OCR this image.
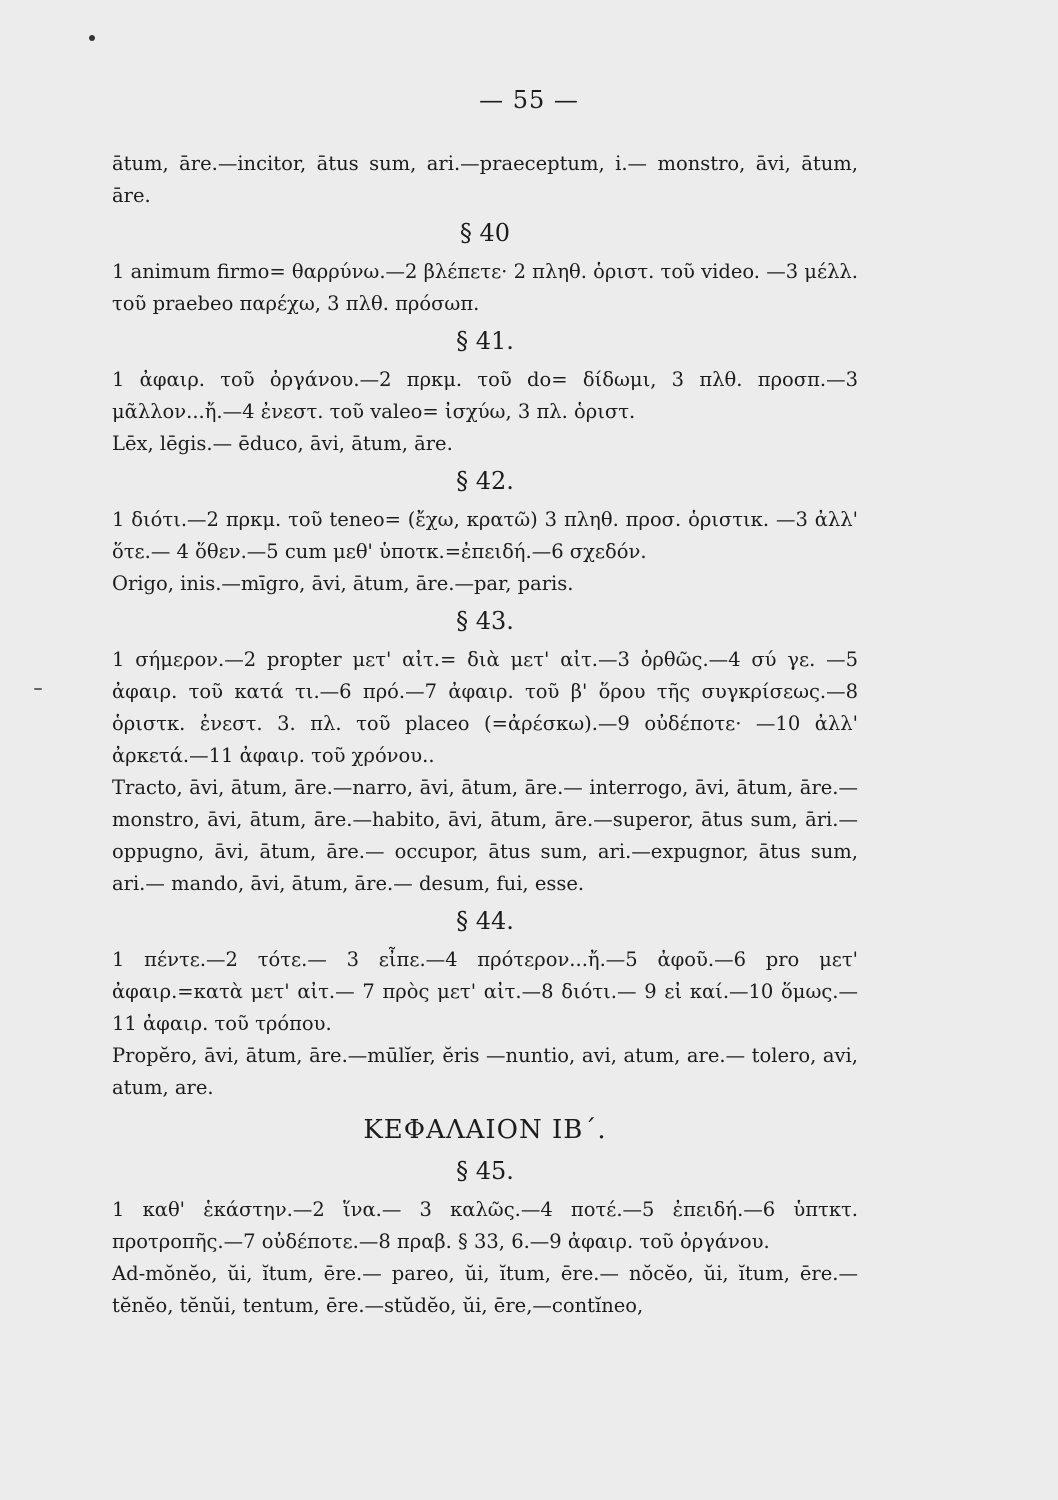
— 55 —

ātum, āre.—incitor, ātus sum, ari.—praeceptum, i.— monstro, āvi, ātum, āre.

§ 40

1 animum firmo= θαρρύνω.—2 βλέπετε· 2 πληθ. ὁριστ. τοῦ video. —3 μέλλ. τοῦ praebeo παρέχω, 3 πλθ. πρόσωπ.

§ 41.

1 ἀφαιρ. τοῦ ὀργάνου.—2 πρκμ. τοῦ do= δίδωμι, 3 πλθ. προσπ.—3 μᾶλλον...ἤ.—4 ἐνεστ. τοῦ valeo= ἰσχύω, 3 πλ. ὁριστ.

Lēx, lēgis.— ēduco, āvi, ātum, āre.

§ 42.

1 διότι.—2 πρκμ. τοῦ teneo= (ἔχω, κρατῶ) 3 πληθ. προσ. ὁριστικ. —3 ἀλλ' ὅτε.— 4 ὅθεν.—5 cum μεθ' ὑποτκ.=ἐπειδή.—6 σχεδόν.

Origo, inis.—mīgro, āvi, ātum, āre.—par, paris.

§ 43.

1 σήμερον.—2 propter μετ' αἰτ.= διὰ μετ' αἰτ.—3 ὀρθῶς.—4 σύ γε. —5 ἀφαιρ. τοῦ κατά τι.—6 πρό.—7 ἀφαιρ. τοῦ β' ὅρου τῆς συγκρίσεως.—8 ὁριστκ. ἐνεστ. 3. πλ. τοῦ placeo (=ἀρέσκω).—9 οὐδέποτε· —10 ἀλλ' ἀρκετά.—11 ἀφαιρ. τοῦ χρόνου..

Tracto, āvi, ātum, āre.—narro, āvi, ātum, āre.— interrogo, āvi, ātum, āre.— monstro, āvi, ātum, āre.—habito, āvi, ātum, āre.—superor, ātus sum, āri.— oppugno, āvi, ātum, āre.— occupor, ātus sum, ari.—expugnor, ātus sum, ari.— mando, āvi, ātum, āre.— desum, fui, esse.

§ 44.

1 πέντε.—2 τότε.— 3 εἶπε.—4 πρότερον...ἤ.—5 ἀφοῦ.—6 pro μετ' ἀφαιρ.=κατὰ μετ' αἰτ.— 7 πρὸς μετ' αἰτ.—8 διότι.— 9 εἰ καί.—10 ὅμως.—11 ἀφαιρ. τοῦ τρόπου.

Propĕro, āvi, ātum, āre.—mūlĭer, ĕris —nuntio, avi, atum, are.— tolero, avi, atum, are.

ΚΕΦΑΛΑΙΟΝ ΙΒ΄.
§ 45.

1 καθ' ἑκάστην.—2 ἵνα.— 3 καλῶς.—4 ποτέ.—5 ἐπειδή.—6 ὑπτκτ. προτροπῆς.—7 οὐδέποτε.—8 πραβ. § 33, 6.—9 ἀφαιρ. τοῦ ὀργάνου.

Ad-mŏnĕo, ŭi, ĭtum, ēre.— pareo, ŭi, ĭtum, ēre.— nŏcĕo, ŭi, ĭtum, ēre.— tĕnĕo, tĕnŭi, tentum, ēre.—stŭdĕo, ŭi, ēre,—contĭneo,
